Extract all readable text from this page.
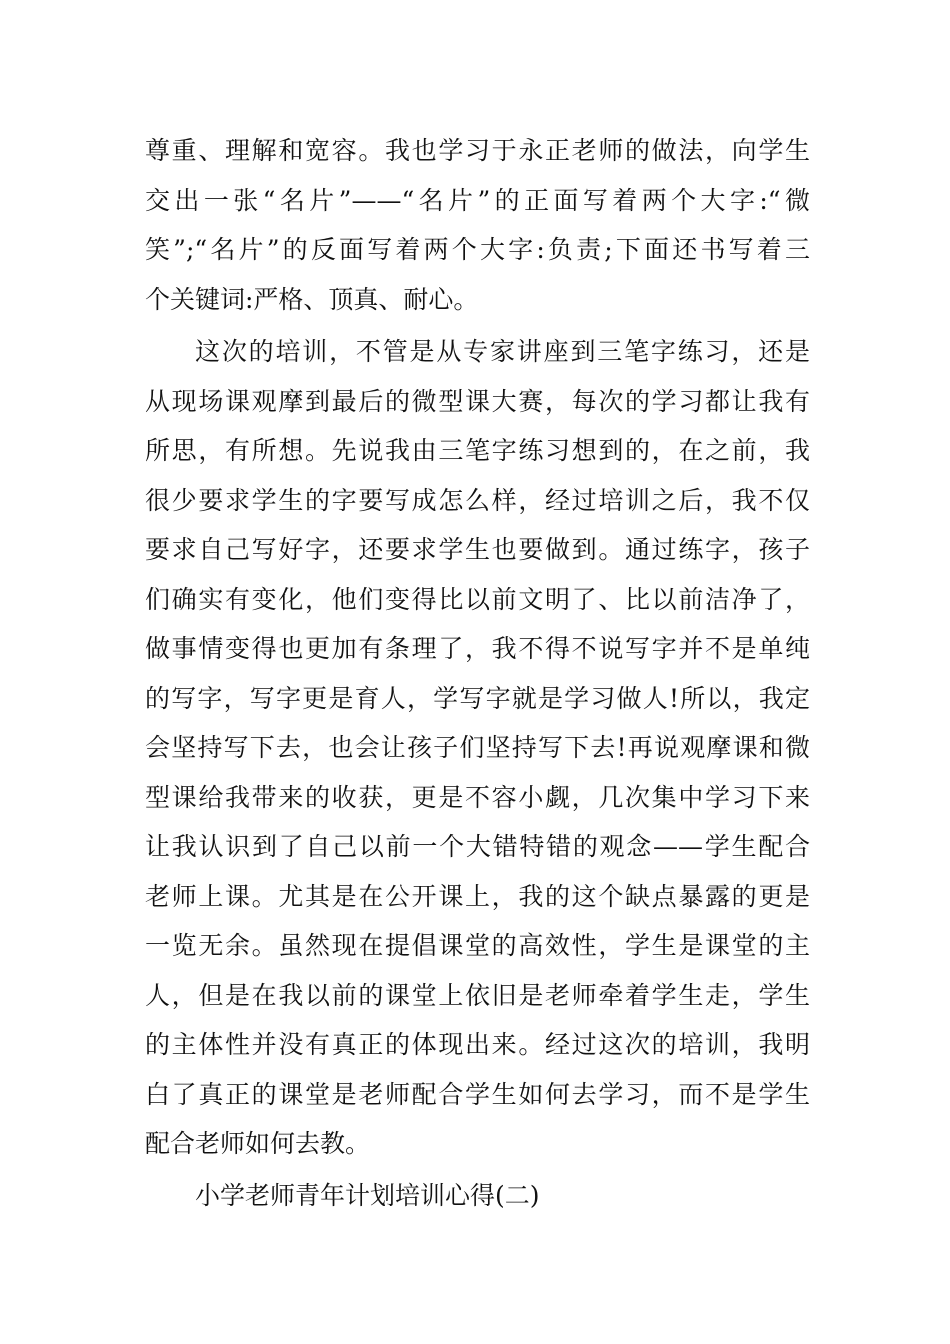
尊重、理解和宽容。我也学习于永正老师的做法，向学生
交出一张“名片”——“名片”的正面写着两个大字:“微
笑”;“名片”的反面写着两个大字:负责;下面还书写着三
个关键词:严格、顶真、耐心。
这次的培训，不管是从专家讲座到三笔字练习，还是
从现场课观摩到最后的微型课大赛，每次的学习都让我有
所思，有所想。先说我由三笔字练习想到的，在之前，我
很少要求学生的字要写成怎么样，经过培训之后，我不仅
要求自己写好字，还要求学生也要做到。通过练字，孩子
们确实有变化，他们变得比以前文明了、比以前洁净了，
做事情变得也更加有条理了，我不得不说写字并不是单纯
的写字，写字更是育人，学写字就是学习做人!所以，我定
会坚持写下去，也会让孩子们坚持写下去!再说观摩课和微
型课给我带来的收获，更是不容小觑，几次集中学习下来
让我认识到了自己以前一个大错特错的观念——学生配合
老师上课。尤其是在公开课上，我的这个缺点暴露的更是
一览无余。虽然现在提倡课堂的高效性，学生是课堂的主
人，但是在我以前的课堂上依旧是老师牵着学生走，学生
的主体性并没有真正的体现出来。经过这次的培训，我明
白了真正的课堂是老师配合学生如何去学习，而不是学生
配合老师如何去教。
小学老师青年计划培训心得(二)
